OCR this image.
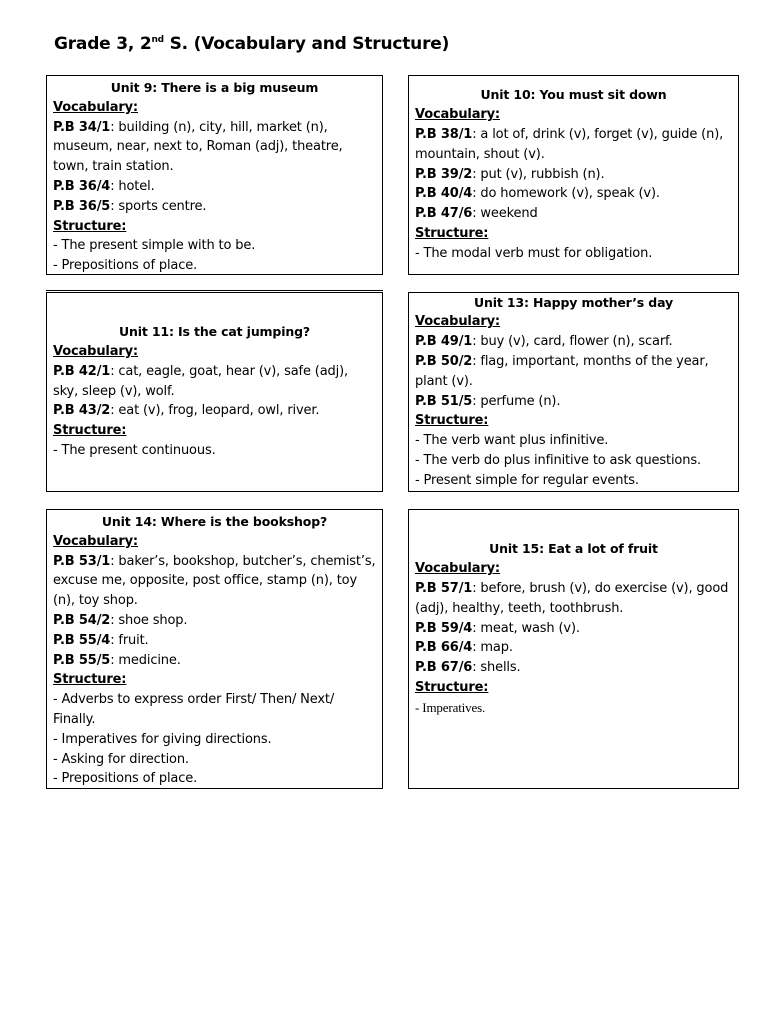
Grade 3, 2nd S. (Vocabulary and Structure)
Unit 9: There is a big museum
Vocabulary:
P.B 34/1: building (n), city, hill, market (n), museum, near, next to, Roman (adj), theatre, town, train station.
P.B 36/4: hotel.
P.B 36/5: sports centre.
Structure:
- The present simple with to be.
- Prepositions of place.
Unit 10: You must sit down
Vocabulary:
P.B 38/1: a lot of, drink (v), forget (v), guide (n), mountain, shout (v).
P.B 39/2: put (v), rubbish (n).
P.B 40/4: do homework (v), speak (v).
P.B 47/6: weekend
Structure:
- The modal verb must for obligation.
Unit 11: Is the cat jumping?
Vocabulary:
P.B 42/1: cat, eagle, goat, hear (v), safe (adj), sky, sleep (v), wolf.
P.B 43/2: eat (v), frog, leopard, owl, river.
Structure:
- The present continuous.
Unit 13: Happy mother’s day
Vocabulary:
P.B 49/1: buy (v), card, flower (n), scarf.
P.B 50/2: flag, important, months of the year, plant (v).
P.B 51/5: perfume (n).
Structure:
- The verb want plus infinitive.
- The verb do plus infinitive to ask questions.
- Present simple for regular events.
Unit 14: Where is the bookshop?
Vocabulary:
P.B 53/1: baker’s, bookshop, butcher’s, chemist’s, excuse me, opposite, post office, stamp (n), toy (n), toy shop.
P.B 54/2: shoe shop.
P.B 55/4: fruit.
P.B 55/5: medicine.
Structure:
- Adverbs to express order First/ Then/ Next/ Finally.
- Imperatives for giving directions.
- Asking for direction.
- Prepositions of place.
Unit 15: Eat a lot of fruit
Vocabulary:
P.B 57/1: before, brush (v), do exercise (v), good (adj), healthy, teeth, toothbrush.
P.B 59/4: meat, wash (v).
P.B 66/4: map.
P.B 67/6: shells.
Structure:
- Imperatives.
